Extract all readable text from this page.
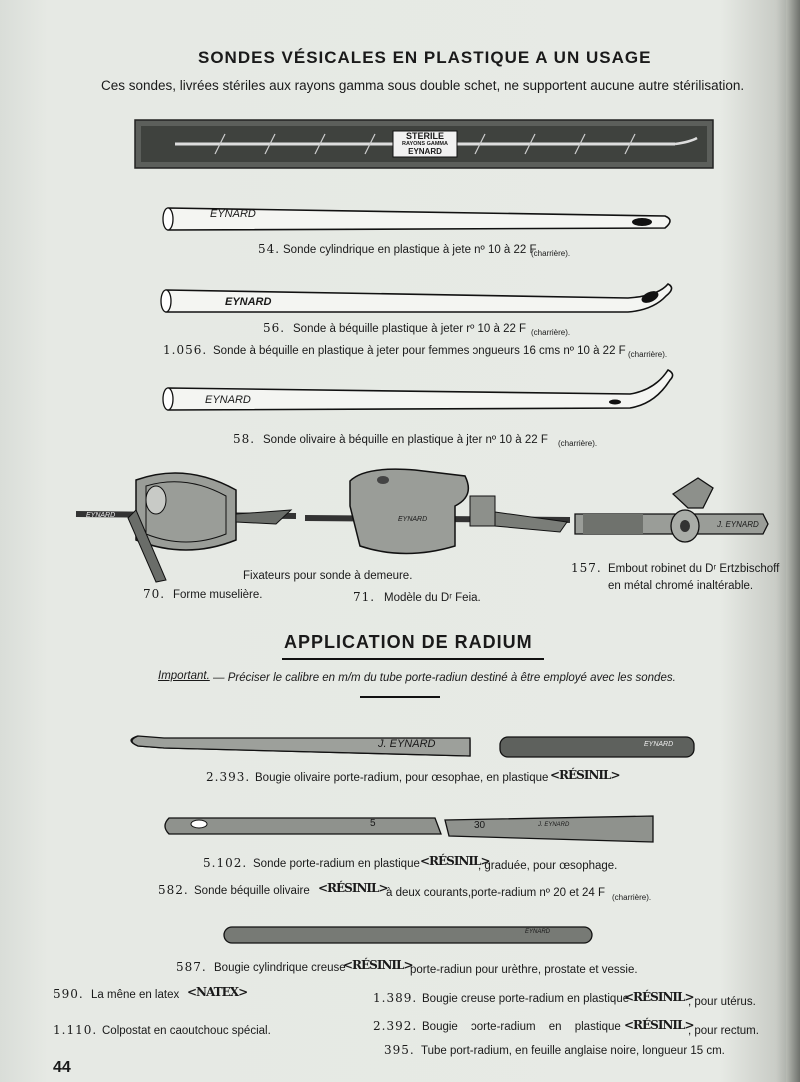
SONDES VÉSICALES EN PLASTIQUE A UN USAGE
Ces sondes, livrées stériles aux rayons gamma sous double schet, ne supportent aucune autre stérilisation.
STERILE
RAYONS GAMMA
EYNARD
EYNARD
54. Sonde cylindrique en plastique à jete nº 10 à 22 F
(charrière).
EYNARD
56. Sonde à béquille plastique à jeter rº 10 à 22 F (charrière).
1.056. Sonde à béquille en plastique à jeter pour femmes ɔngueurs 16 cms nº 10 à 22 F (charrière).
EYNARD
58. Sonde olivaire à béquille en plastique à jter nº 10 à 22 F (charrière).
J. EYNARD
EYNARD
EYNARD
Fixateurs pour sonde à demeure.
70. Forme muselière.	71. Modèle du Dʳ Feia.
157. Embout robinet du Dʳ Ertzbischoff
en métal chromé inaltérable.
APPLICATION DE RADIUM
Important. — Préciser le calibre en m/m du tube porte-radiun destiné à être employé avec les sondes.
J. EYNARD	EYNARD
2.393. Bougie olivaire porte-radium, pour œsophae, en plastique <RÉSINIL>
5	30	J. EYNARD
5.102. Sonde porte-radium en plastique <RÉSINIL>
, graduée, pour œsophage.
582. Sonde béquille olivaire <RÉSINIL>
à deux courants,porte-radium nº 20 et 24 F (charrière).
EYNARD
587. Bougie cylindrique creuse
<RÉSINIL>
porte-radiun pour urèthre, prostate et vessie.
590. La mêne en latex <NATEX>	1.389. Bougie creuse porte-radium en plastique
<RÉSINIL>
, pour utérus.
1.110. Colpostat en caoutchouc spécial.	2.392. Bougie ɔorte-radium en plastique <RÉSINIL>
, pour rectum.
395. Tube port-radium, en feuille anglaise noire, longueur 15 cm.
44
